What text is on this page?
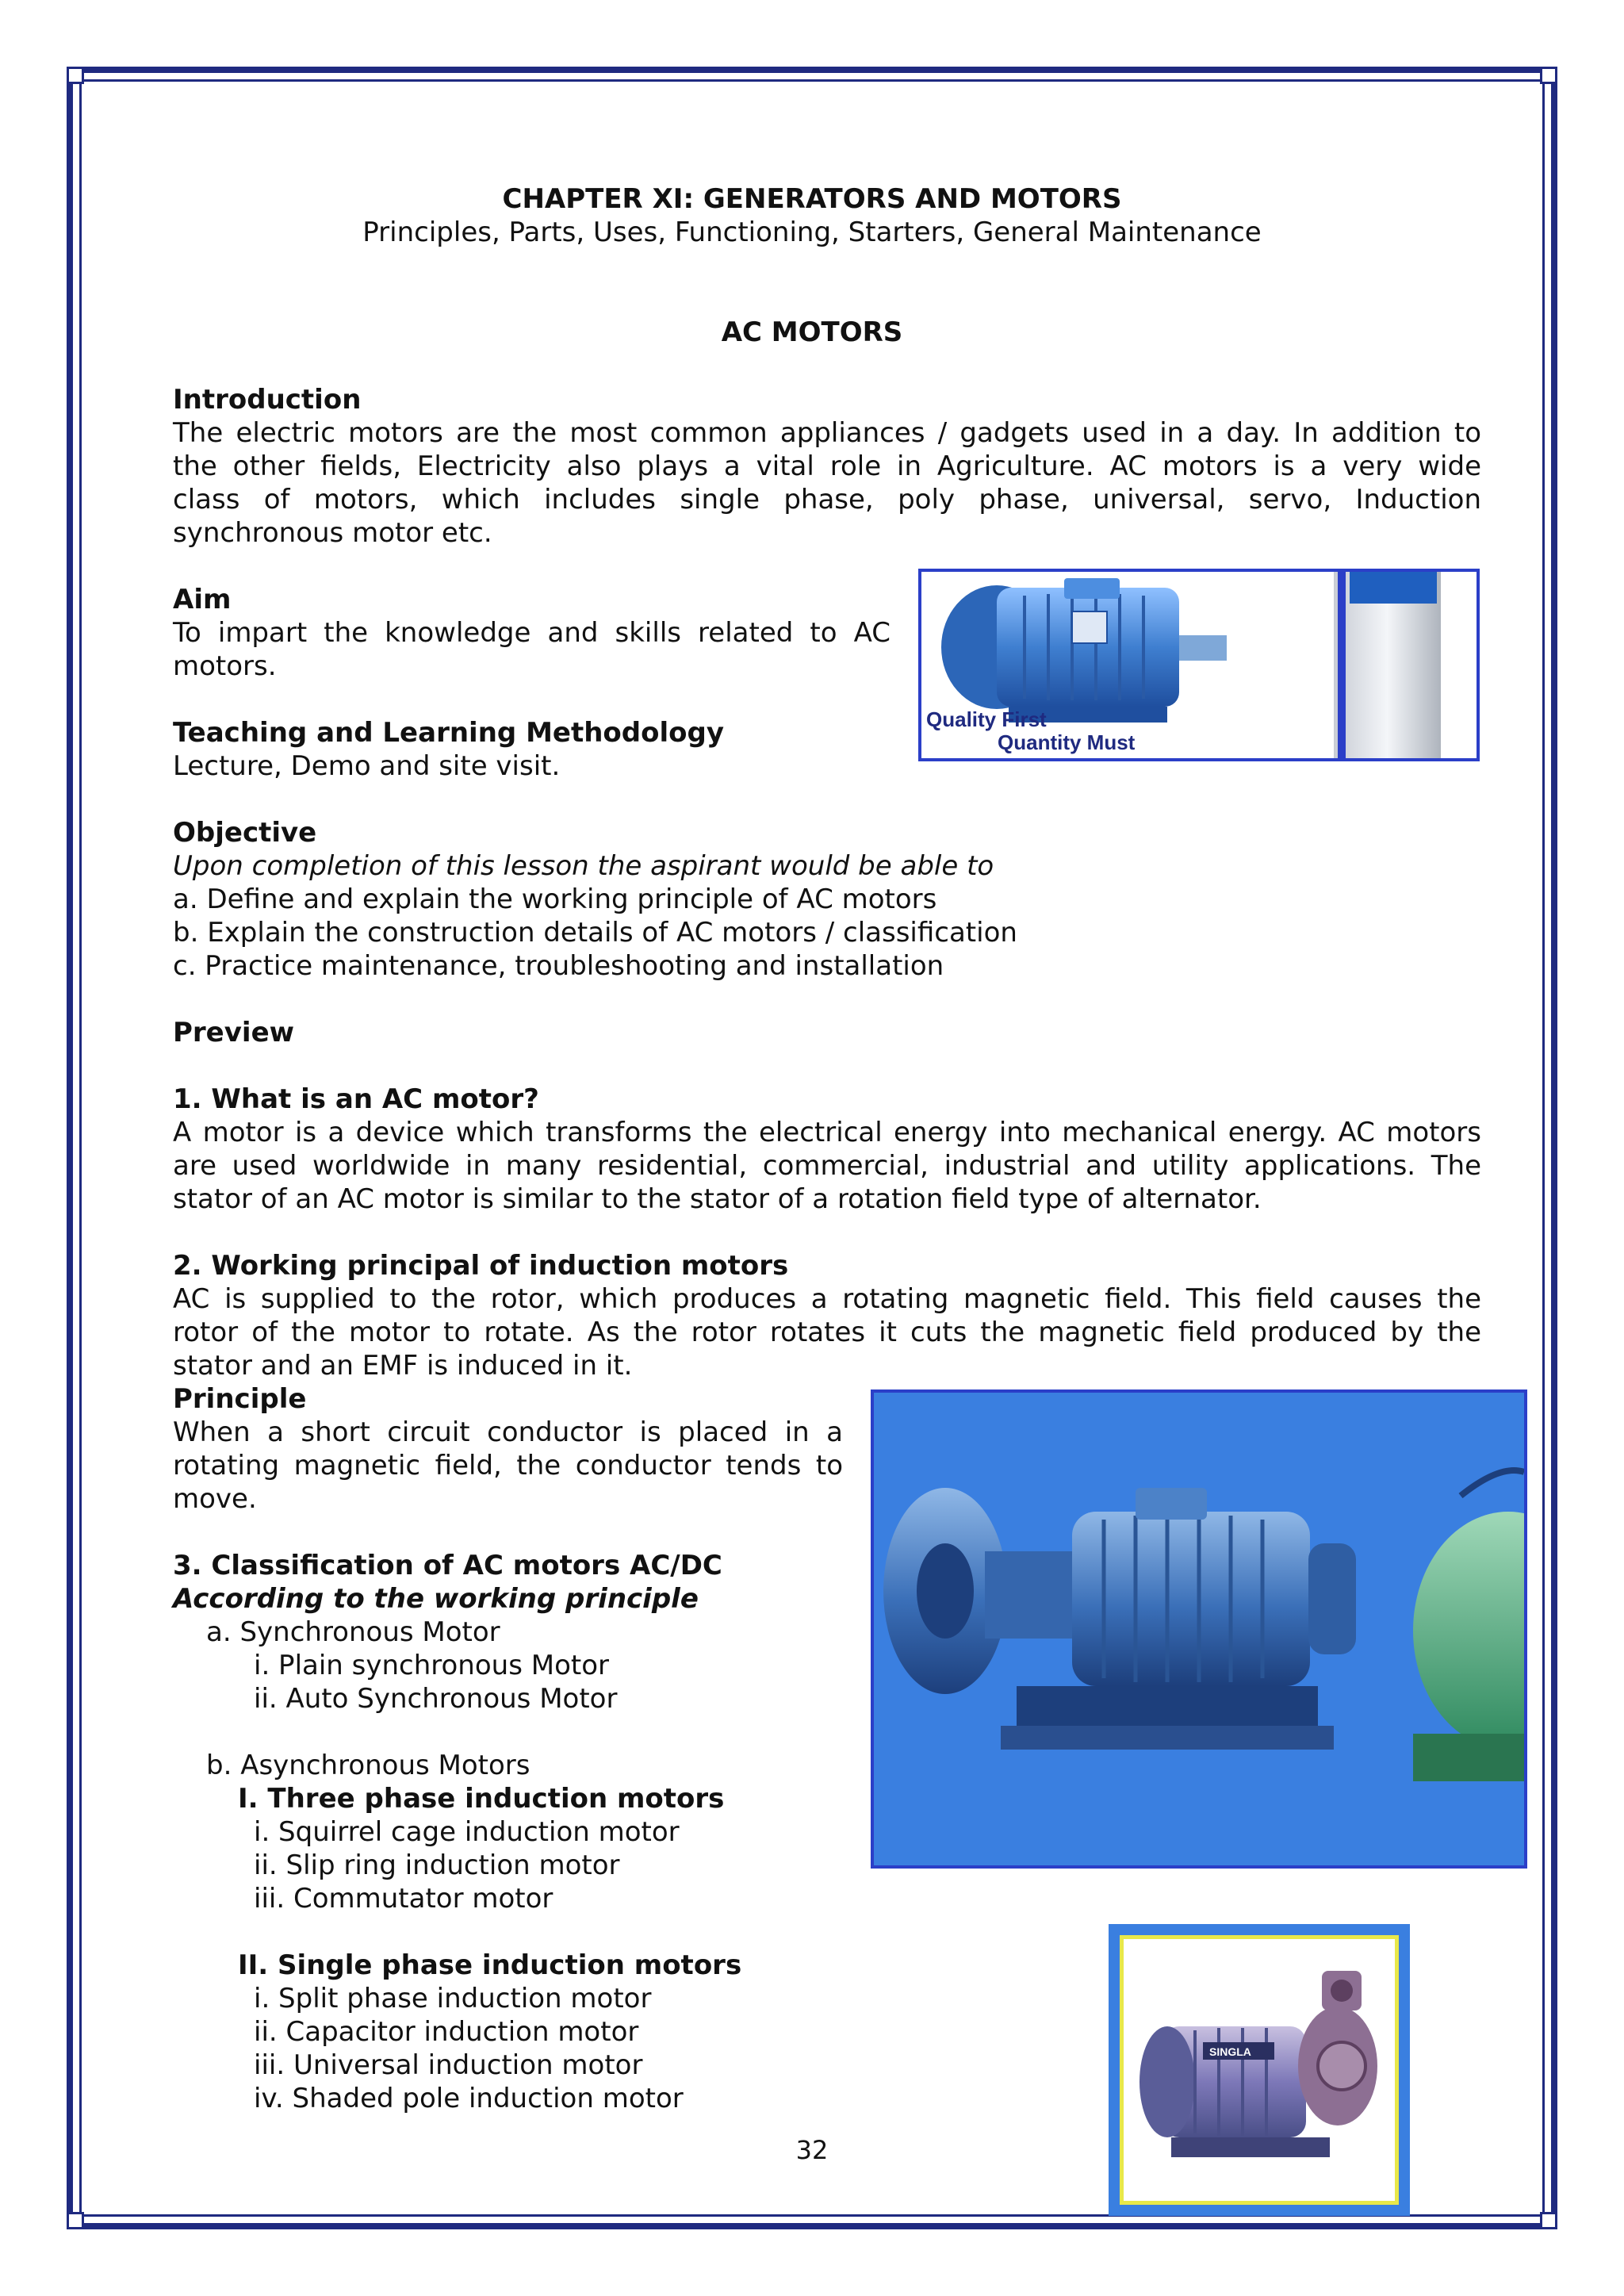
CHAPTER XI: GENERATORS AND MOTORS
Principles, Parts, Uses, Functioning, Starters, General Maintenance
AC MOTORS
Introduction
The electric motors are the most common appliances / gadgets used in a day. In addition to
the other fields, Electricity also plays a vital role in Agriculture. AC motors is a very wide
class of motors, which includes single phase, poly phase, universal, servo, Induction
synchronous motor etc.
Aim
To impart the knowledge and skills related to AC
motors.
Teaching and Learning Methodology
Lecture, Demo and site visit.
Objective
Upon completion of this lesson the aspirant would be able to
a. Define and explain the working principle of AC motors
b. Explain the construction details of AC motors / classification
c. Practice maintenance, troubleshooting and installation
Preview
1. What is an AC motor?
A motor is a device which transforms the electrical energy into mechanical energy. AC motors
are used worldwide in many residential, commercial, industrial and utility applications. The
stator of an AC motor is similar to the stator of a rotation field type of alternator.
2. Working principal of induction motors
AC is supplied to the rotor, which produces a rotating magnetic field. This field causes the
rotor of the motor to rotate. As the rotor rotates it cuts the magnetic field produced by the
stator and an EMF is induced in it.
Principle
When a short circuit conductor is placed in a
rotating magnetic field, the conductor tends to
move.
3. Classification of AC motors AC/DC
According to the working principle
a. Synchronous Motor
i. Plain synchronous Motor
ii. Auto Synchronous Motor
b. Asynchronous Motors
I. Three phase induction motors
i. Squirrel cage induction motor
ii. Slip ring induction motor
iii. Commutator motor
II. Single phase induction motors
i. Split phase induction motor
ii. Capacitor induction motor
iii. Universal induction motor
iv. Shaded pole induction motor
Quality First
Quantity Must
SINGLA
32
